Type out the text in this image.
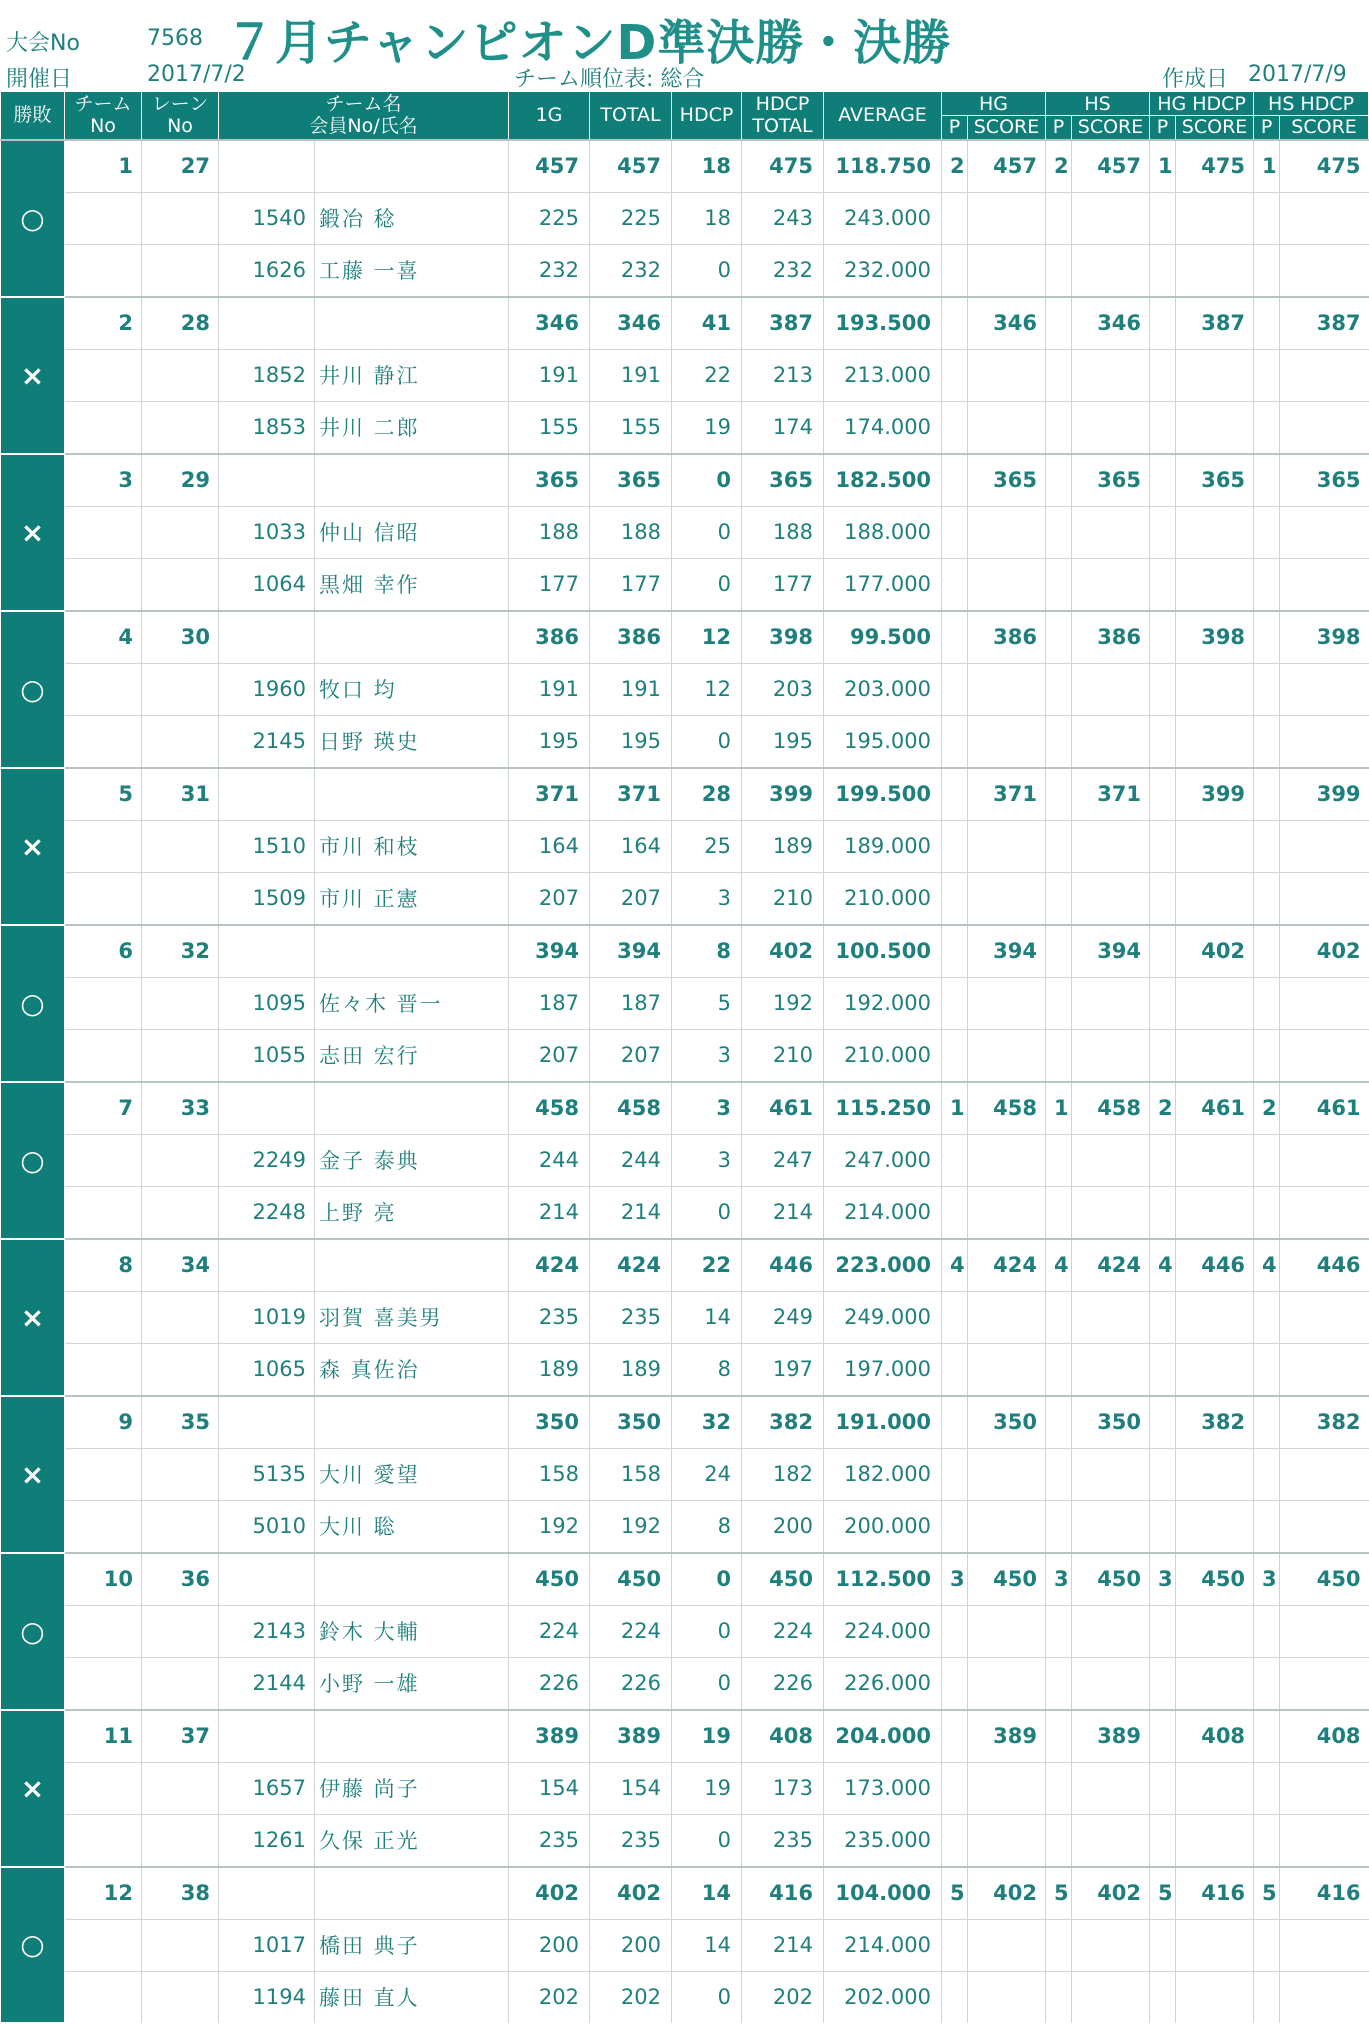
大会No	7568 ７月チャンピオンD準決勝・決勝
開催日	2017/7/2	チーム順位表: 総合	作成日 2017/7/9
勝敗	チーム
No	レーン
No	チーム名
会員No/氏名		1G	TOTAL	HDCP	HDCP
TOTAL	AVERAGE	HG		HS		HG HDCP		HS HDCP	
										P	SCORE	P	SCORE	P	SCORE	P	SCORE
○	1	27			457	457	18	475	118.750	2	457	2	457	1	475	1	475
			1540	鍛冶 稔	225	225	18	243	243.000								
			1626	工藤 一喜	232	232	0	232	232.000								
×	2	28			346	346	41	387	193.500		346		346		387		387
			1852	井川 静江	191	191	22	213	213.000								
			1853	井川 二郎	155	155	19	174	174.000								
×	3	29			365	365	0	365	182.500		365		365		365		365
			1033	仲山 信昭	188	188	0	188	188.000								
			1064	黒畑 幸作	177	177	0	177	177.000								
○	4	30			386	386	12	398	99.500		386		386		398		398
			1960	牧口 均	191	191	12	203	203.000								
			2145	日野 瑛史	195	195	0	195	195.000								
×	5	31			371	371	28	399	199.500		371		371		399		399
			1510	市川 和枝	164	164	25	189	189.000								
			1509	市川 正憲	207	207	3	210	210.000								
○	6	32			394	394	8	402	100.500		394		394		402		402
			1095	佐々木 晋一	187	187	5	192	192.000								
			1055	志田 宏行	207	207	3	210	210.000								
○	7	33			458	458	3	461	115.250	1	458	1	458	2	461	2	461
			2249	金子 泰典	244	244	3	247	247.000								
			2248	上野 亮	214	214	0	214	214.000								
×	8	34			424	424	22	446	223.000	4	424	4	424	4	446	4	446
			1019	羽賀 喜美男	235	235	14	249	249.000								
			1065	森 真佐治	189	189	8	197	197.000								
×	9	35			350	350	32	382	191.000		350		350		382		382
			5135	大川 愛望	158	158	24	182	182.000								
			5010	大川 聡	192	192	8	200	200.000								
○	10	36			450	450	0	450	112.500	3	450	3	450	3	450	3	450
			2143	鈴木 大輔	224	224	0	224	224.000								
			2144	小野 一雄	226	226	0	226	226.000								
×	11	37			389	389	19	408	204.000		389		389		408		408
			1657	伊藤 尚子	154	154	19	173	173.000								
			1261	久保 正光	235	235	0	235	235.000								
○	12	38			402	402	14	416	104.000	5	402	5	402	5	416	5	416
			1017	橋田 典子	200	200	14	214	214.000								
			1194	藤田 直人	202	202	0	202	202.000								
